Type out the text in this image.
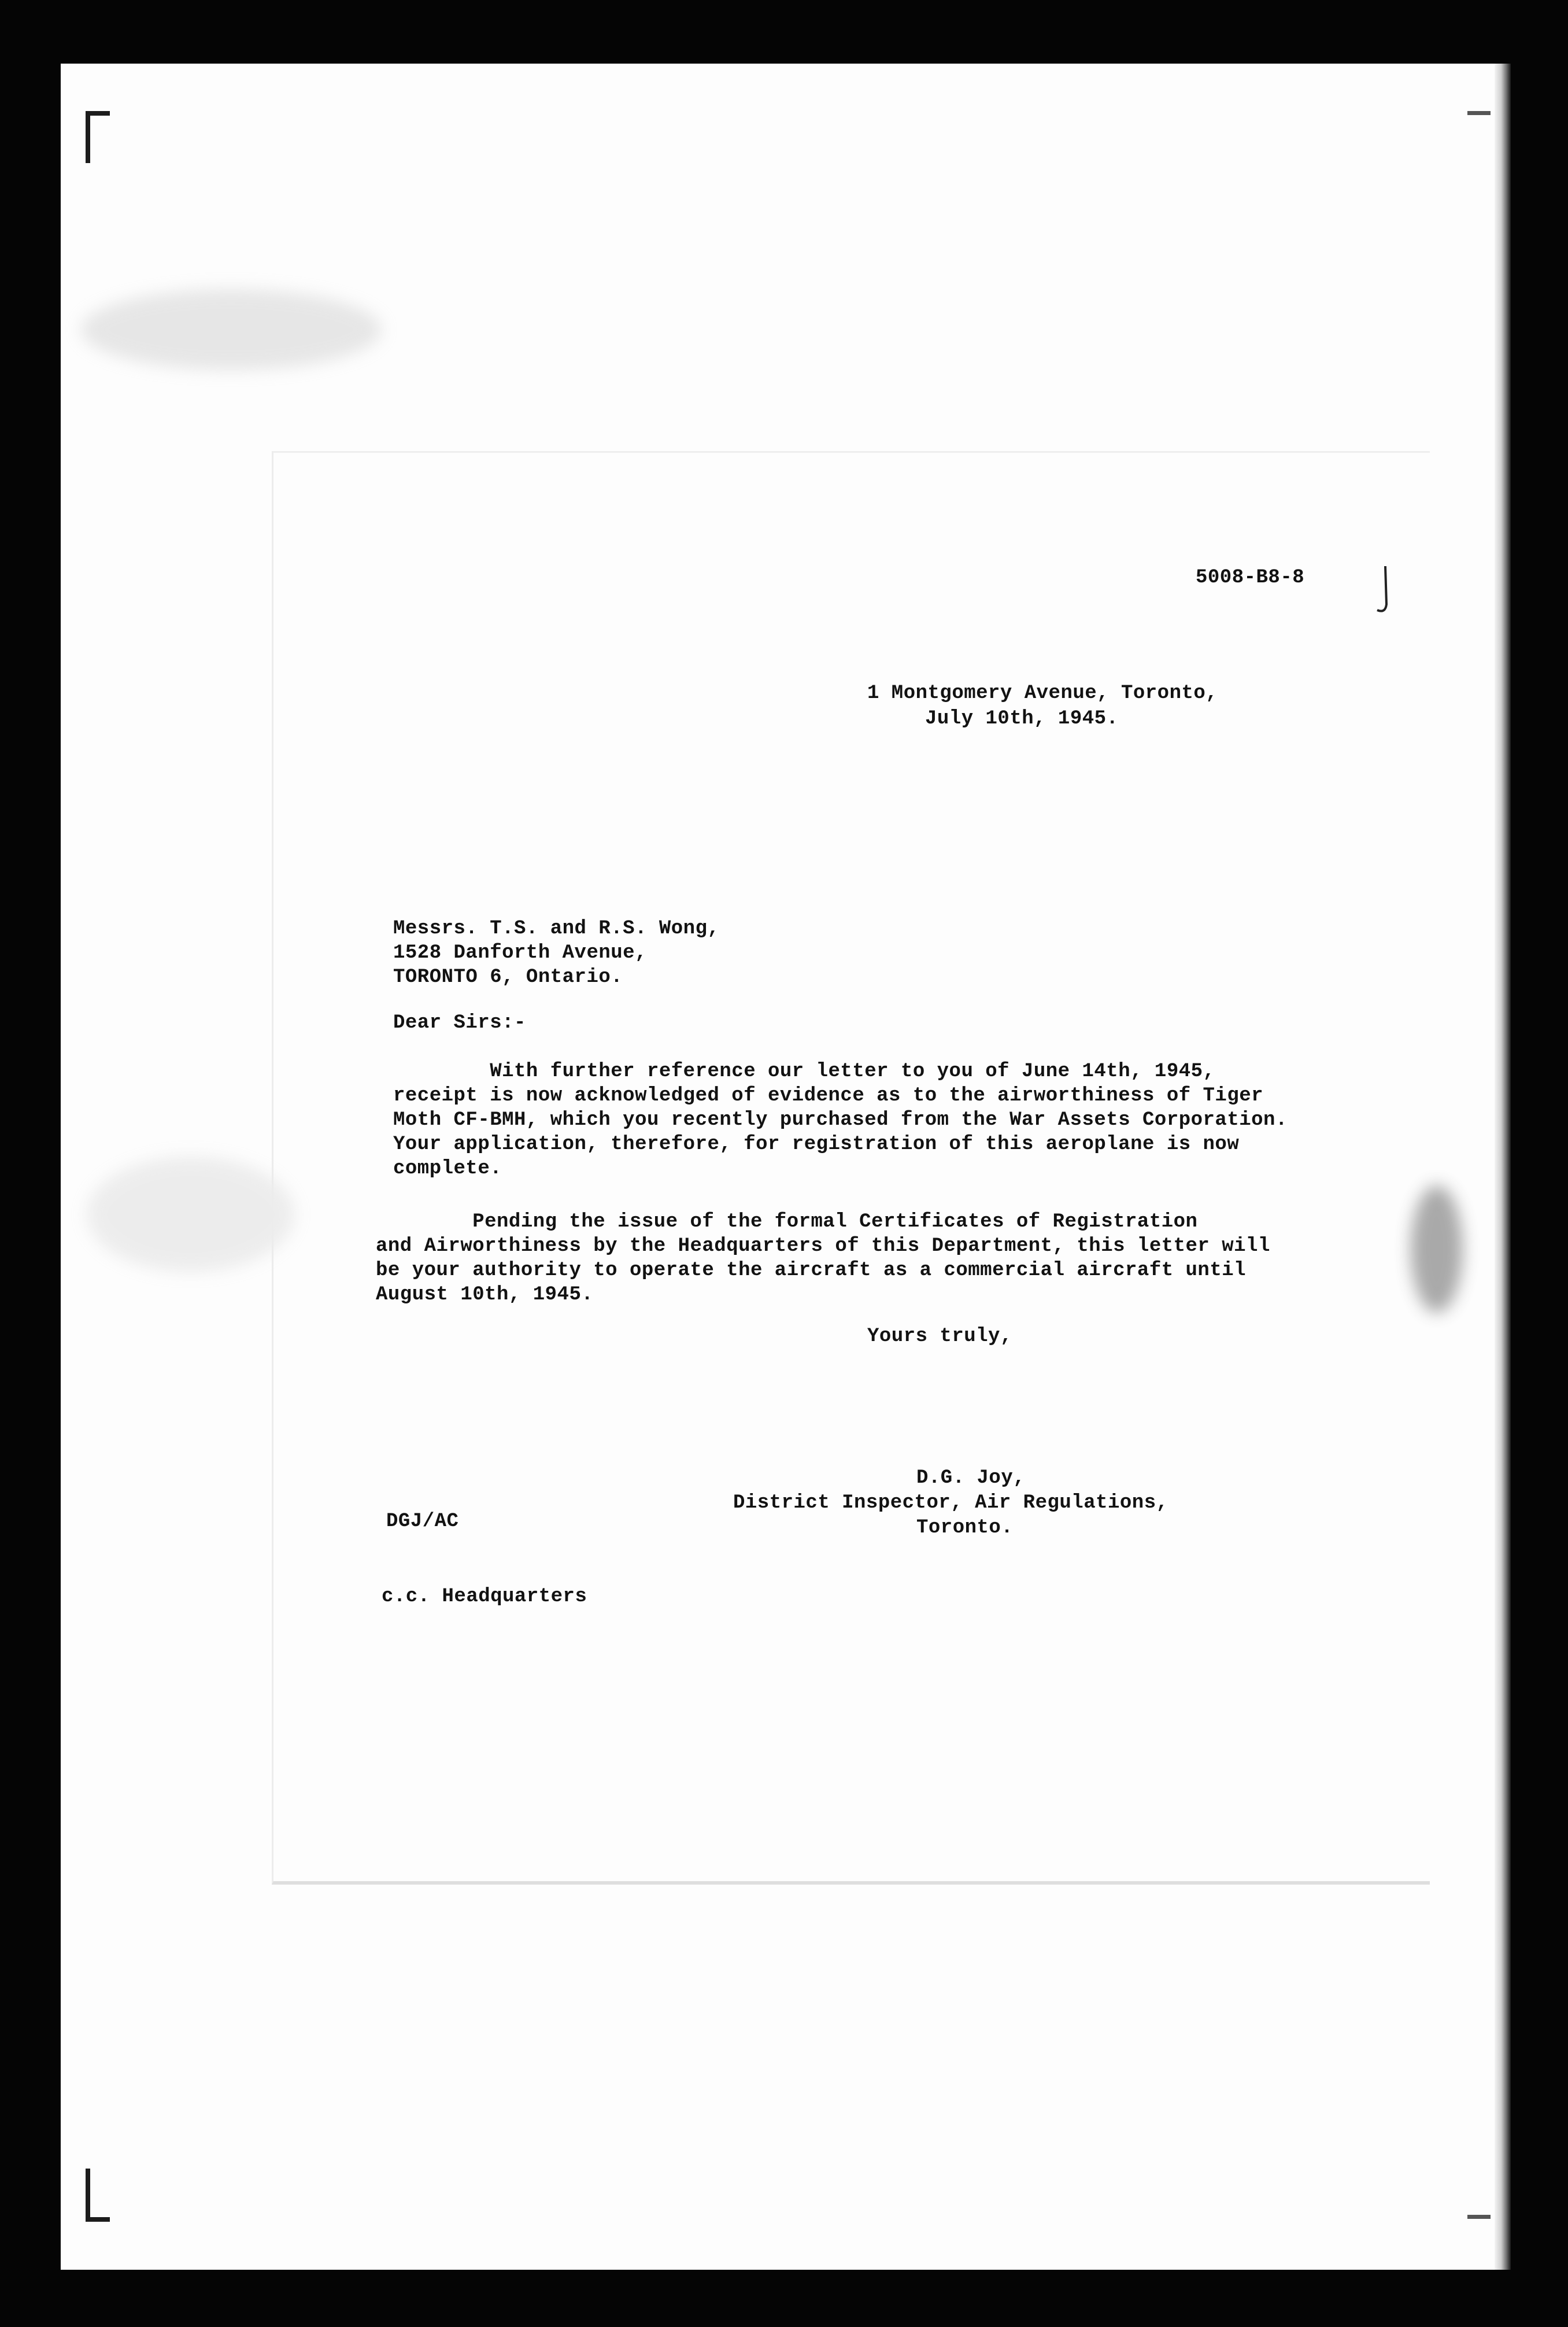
5008-B8-8
1 Montgomery Avenue, Toronto,
July 10th, 1945.
Messrs. T.S. and R.S. Wong,
1528 Danforth Avenue,
TORONTO 6, Ontario.
Dear Sirs:-
With further reference our letter to you of June 14th, 1945,
receipt is now acknowledged of evidence as to the airworthiness of Tiger
Moth CF-BMH, which you recently purchased from the War Assets Corporation.
Your application, therefore, for registration of this aeroplane is now
complete.
Pending the issue of the formal Certificates of Registration
and Airworthiness by the Headquarters of this Department, this letter will
be your authority to operate the aircraft as a commercial aircraft until
August 10th, 1945.
Yours truly,
D.G. Joy,
District Inspector, Air Regulations,
Toronto.
DGJ/AC
c.c. Headquarters
